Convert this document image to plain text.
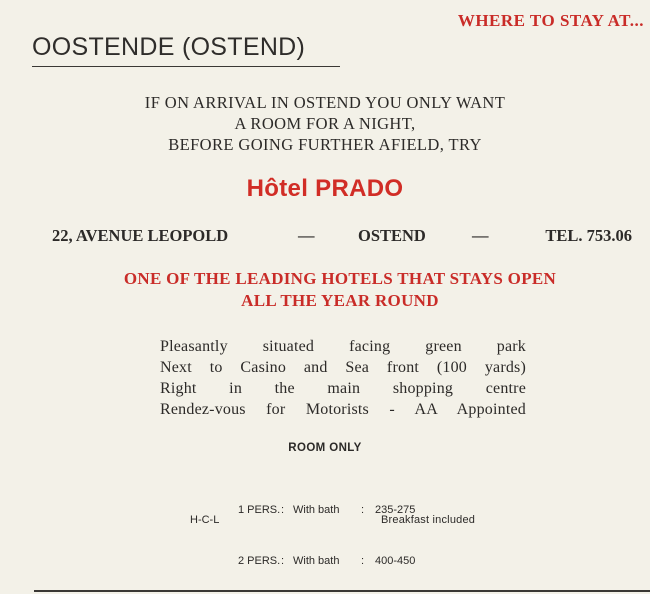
WHERE TO STAY AT...
OOSTENDE (OSTEND)
IF ON ARRIVAL IN OSTEND YOU ONLY WANT
A ROOM FOR A NIGHT,
BEFORE GOING FURTHER AFIELD, TRY
Hôtel PRADO
22, AVENUE LEOPOLD	—	OSTEND	—	TEL. 753.06
ONE OF THE LEADING HOTELS THAT STAYS OPEN
ALL THE YEAR ROUND
Pleasantly situated facing green park
Next to Casino and Sea front (100 yards)
Right in the main shopping centre
Rendez-vous for Motorists - AA Appointed
ROOM ONLY

1 PERS.: With bath : 235-275

2 PERS.: With bath : 400-450

H-C-L	Breakfast included
